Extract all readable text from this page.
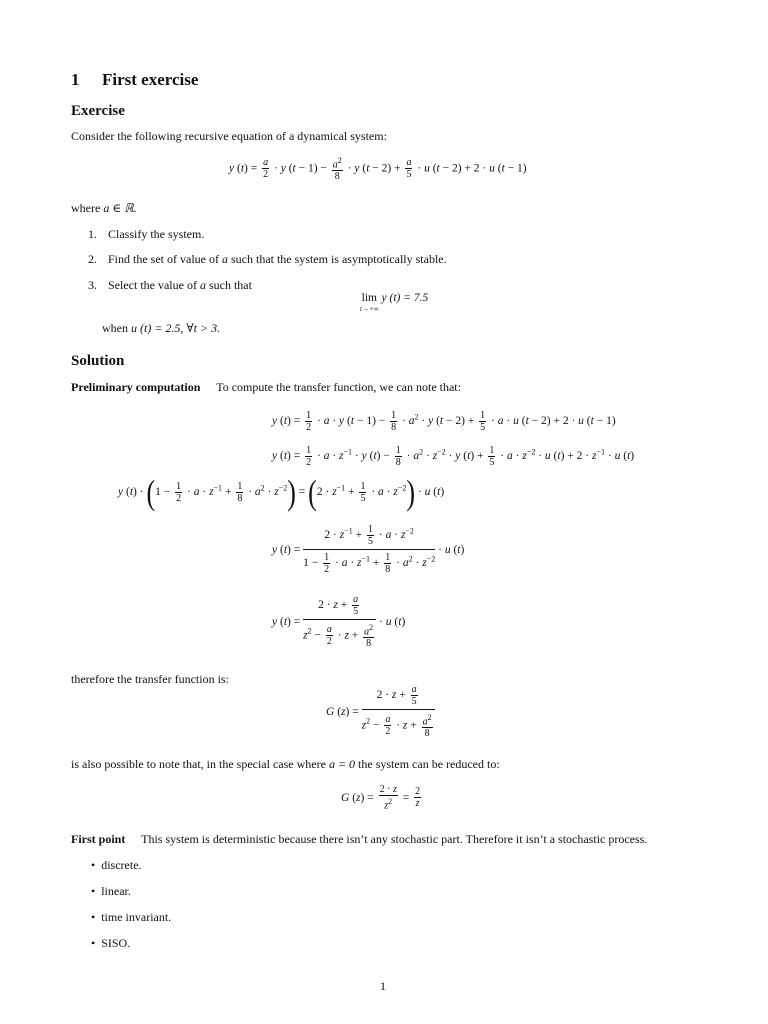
1 First exercise
Exercise
Consider the following recursive equation of a dynamical system:
y $(t) = \frac{a}{2} \cdot y$ $(t - 1) - \frac{a^2}{8} \cdot y$ $(t - 2) + \frac{a}{5} \cdot u$ (t − 2) + 2 · u (t − 1)
where a ∈ ℝ.
1. Classify the system.
2. Find the set of value of a such that the system is asymptotically stable.
3. Select the value of a such that
lim
t→+∞
y (t) = 7.5
when u (t) = 2.5, ∀t > 3.
Solution
Preliminary computation To compute the transfer function, we can note that:
y $(t) = \frac{1}{2} \cdot a \cdot y$ $(t - 1) - \frac{1}{8} \cdot a^2 \cdot y$ $(t - 2) + \frac{1}{5} \cdot a \cdot u$ (t − 2) + 2 · u (t − 1)
y $(t) = \frac{1}{2} \cdot a \cdot z^{-1} \cdot y$ $(t) - \frac{1}{8} \cdot a^2 \cdot z^{-2} \cdot y$ $(t) + \frac{1}{5} \cdot a \cdot z^{-2} \cdot u$ $(t) + 2 \cdot z^{-1} \cdot u$ (t)
y $(t) \cdot (1 - \frac{1}{2} \cdot a \cdot z^{-1} + \frac{1}{8} \cdot a^2 \cdot z^{-2}) = (2 \cdot z^{-1} + \frac{1}{5} \cdot a \cdot z^{-2}) \cdot u$ (t)
y $(t) = \frac{2 \cdot z^{-1} + \frac{1}{5} \cdot a \cdot z^{-2}}{1 - \frac{1}{2} \cdot a \cdot z^{-1} + \frac{1}{8} \cdot a^2 \cdot z^{-2}} \cdot u$ (t)
y $(t) = \frac{2 \cdot z + \frac{a}{5}}{z^2 - \frac{a}{2} \cdot z + \frac{a^2}{8}} \cdot u$ (t)
therefore the transfer function is:
G $(z) = \frac{2 \cdot z + \frac{a}{5}}{z^2 - \frac{a}{2} \cdot z + \frac{a^2}{8}}$
is also possible to note that, in the special case where a = 0 the system can be reduced to:
G $(z) = \frac{2 \cdot z}{z^2} = \frac{2}{z}$
First point This system is deterministic because there isn’t any stochastic part. Therefore it isn’t a stochastic process.
• discrete.
• linear.
• time invariant.
• SISO.
1
